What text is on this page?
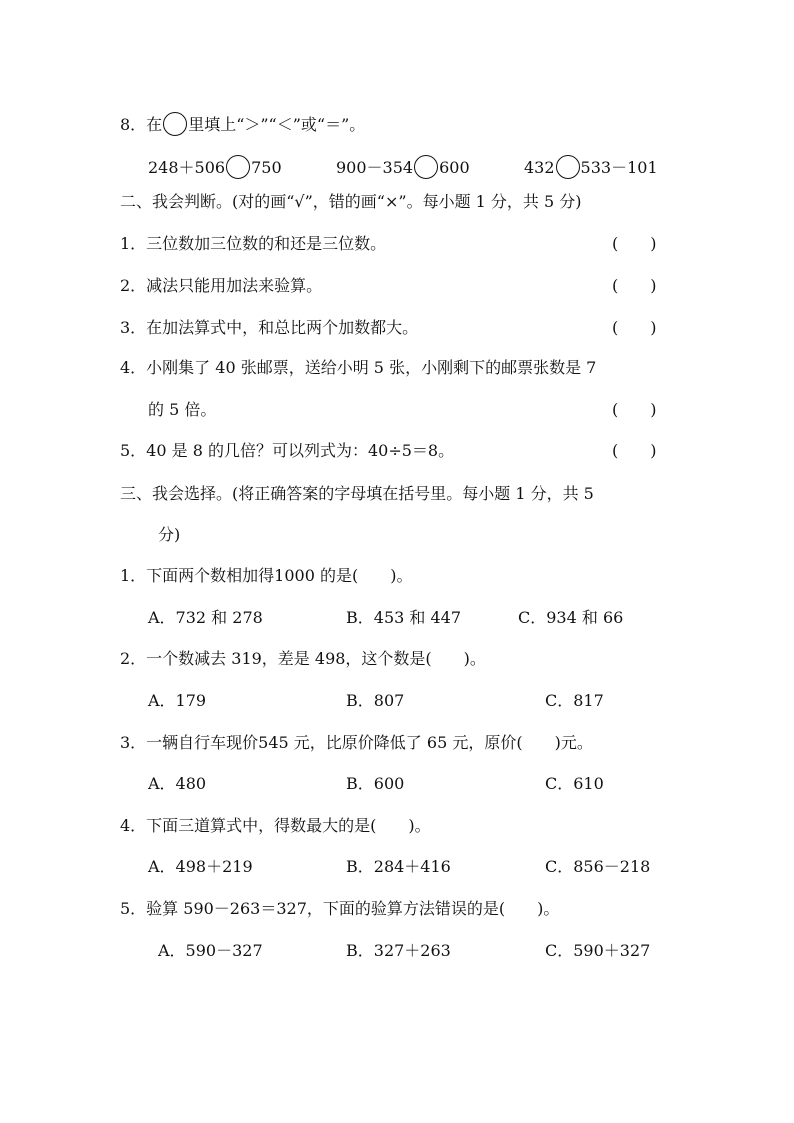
8．在 里填上“＞”“＜”或“＝”。
248＋506 750	900－354 600	432 533－101
二、我会判断。(对的画“√”，错的画“×”。每小题 1 分，共 5 分)
1．三位数加三位数的和还是三位数。	(　　)
2．减法只能用加法来验算。	(　　)
3．在加法算式中，和总比两个加数都大。	(　　)
4．小刚集了 40 张邮票，送给小明 5 张，小刚剩下的邮票张数是 7
的 5 倍。	(　　)
5．40 是 8 的几倍？可以列式为：40÷5＝8。	(　　)
三、我会选择。(将正确答案的字母填在括号里。每小题 1 分，共 5
分)
1．下面两个数相加得1000 的是(　　)。
A．732 和 278	B．453 和 447	C．934 和 66
2．一个数减去 319，差是 498，这个数是(　　)。
A．179	B．807	C．817
3．一辆自行车现价545 元，比原价降低了 65 元，原价(　　)元。
A．480	B．600	C．610
4．下面三道算式中，得数最大的是(　　)。
A．498＋219	B．284＋416	C．856－218
5．验算 590－263＝327，下面的验算方法错误的是(　　)。
A．590－327	B．327＋263	C．590＋327
